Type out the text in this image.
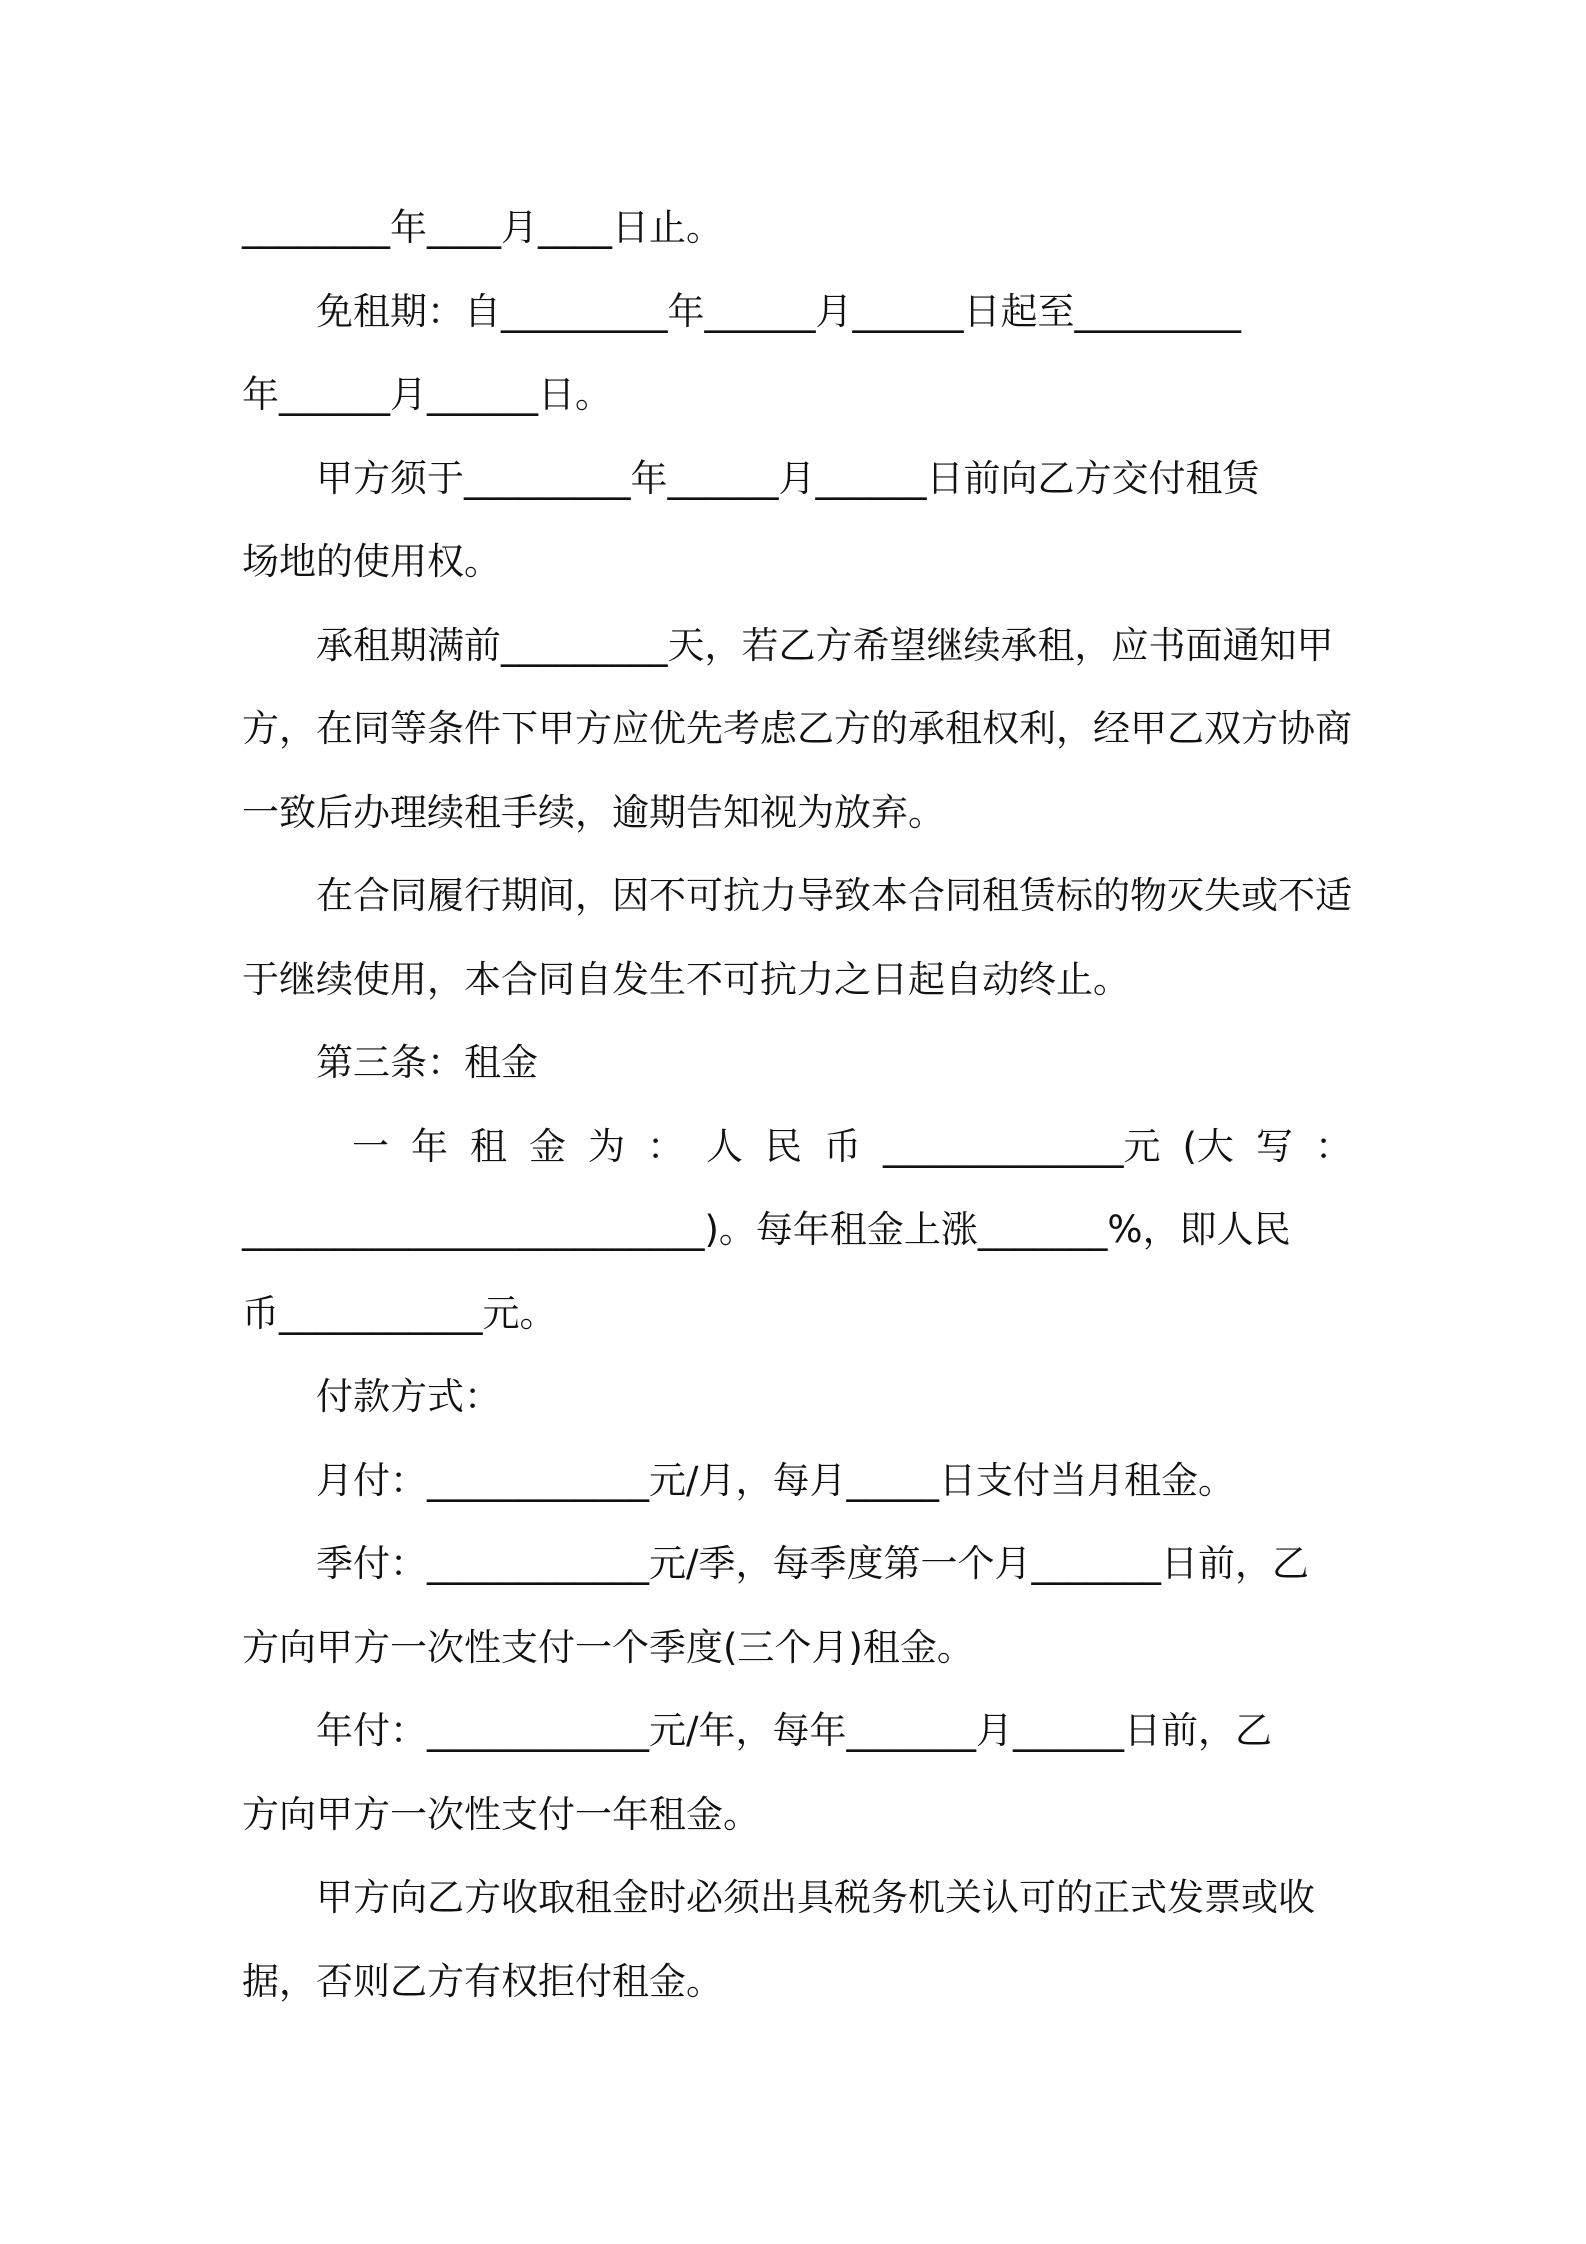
________年____月____日止。
免租期：自_________年______月______日起至_________
年______月______日。
甲方须于_________年______月______日前向乙方交付租赁
场地的使用权。
承租期满前_________天，若乙方希望继续承租，应书面通知甲
方，在同等条件下甲方应优先考虑乙方的承租权利，经甲乙双方协商
一致后办理续租手续，逾期告知视为放弃。
在合同履行期间，因不可抗力导致本合同租赁标的物灭失或不适
于继续使用，本合同自发生不可抗力之日起自动终止。
第三条：租金
一 年 租 金 为 ： 人 民 币 _____________元 (大 写 ：
_________________________)。每年租金上涨_______%，即人民
币___________元。
付款方式：
月付：____________元/月，每月_____日支付当月租金。
季付：____________元/季，每季度第一个月_______日前，乙
方向甲方一次性支付一个季度(三个月)租金。
年付：____________元/年，每年_______月______日前，乙
方向甲方一次性支付一年租金。
甲方向乙方收取租金时必须出具税务机关认可的正式发票或收
据，否则乙方有权拒付租金。
